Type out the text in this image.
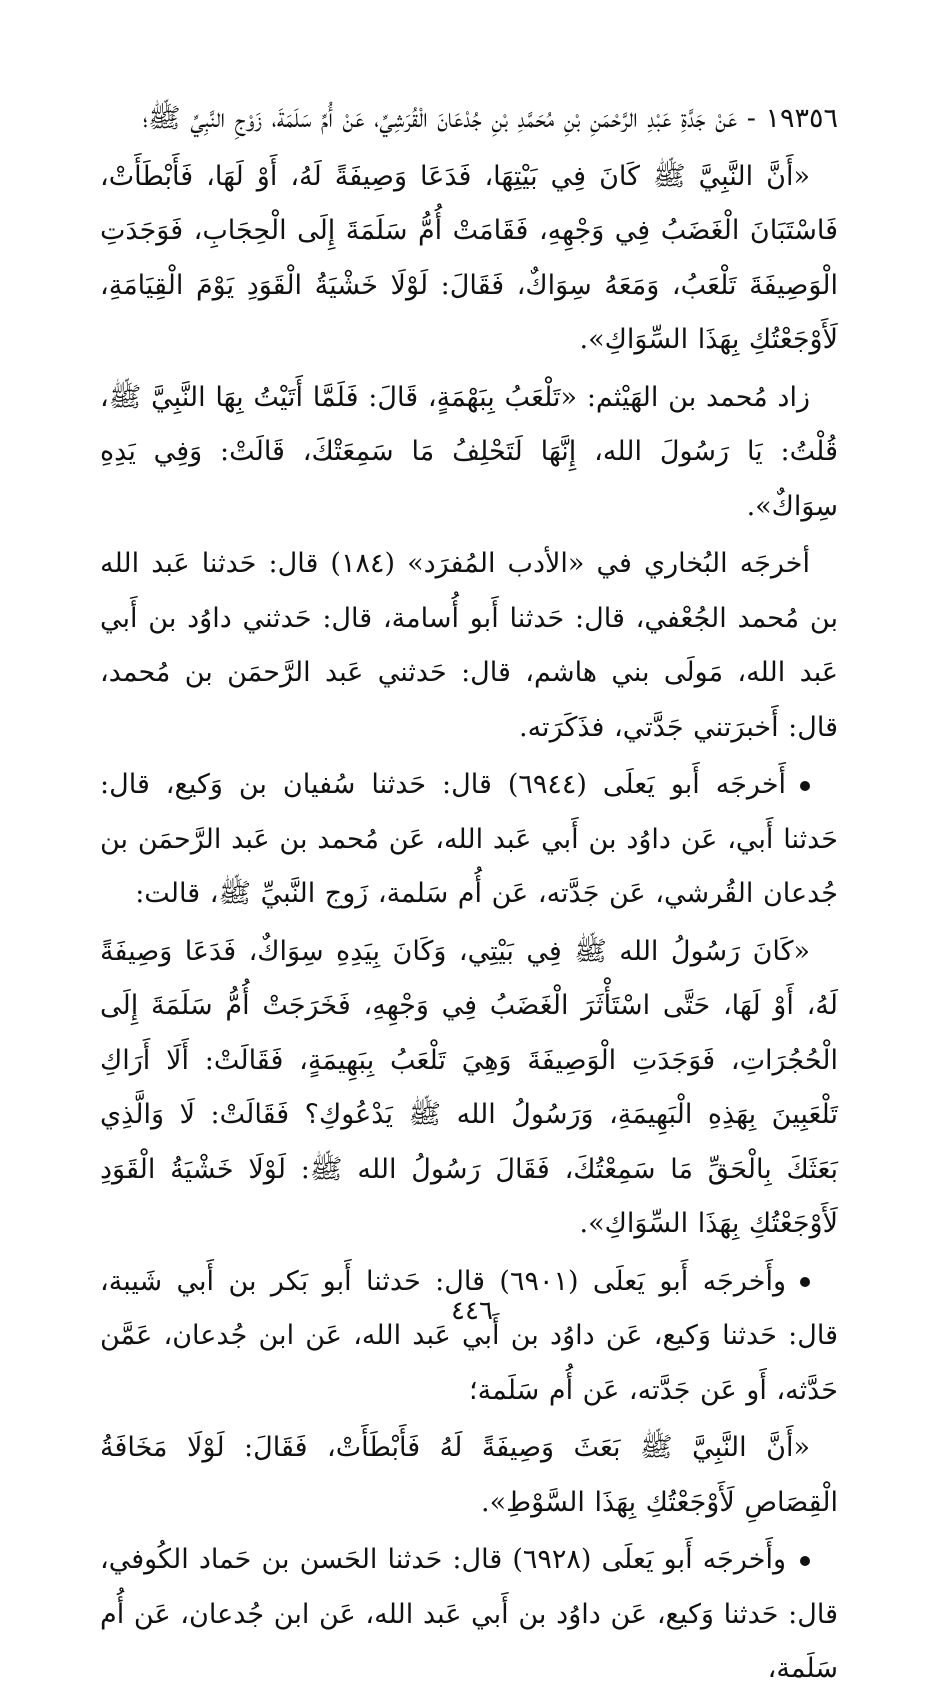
١٩٣٥٦ - عَنْ جَدَّةِ عَبْدِ الرَّحْمَنِ بْنِ مُحَمَّدِ بْنِ جُدْعَانَ الْقُرَشِيِّ، عَنْ أُمِّ سَلَمَةَ، زَوْجِ النَّبِيِّ ﷺ؛

«أَنَّ النَّبِيَّ ﷺ كَانَ فِي بَيْتِهَا، فَدَعَا وَصِيفَةً لَهُ، أَوْ لَهَا، فَأَبْطَأَتْ، فَاسْتَبَانَ الْغَضَبُ فِي وَجْهِهِ، فَقَامَتْ أُمُّ سَلَمَةَ إِلَى الْحِجَابِ، فَوَجَدَتِ الْوَصِيفَةَ تَلْعَبُ، وَمَعَهُ سِوَاكٌ، فَقَالَ: لَوْلَا خَشْيَةُ الْقَوَدِ يَوْمَ الْقِيَامَةِ، لَأَوْجَعْتُكِ بِهَذَا السِّوَاكِ».

زاد مُحمد بن الهَيْثم: «تَلْعَبُ بِبَهْمَةٍ، قَالَ: فَلَمَّا أَتَيْتُ بِهَا النَّبِيَّ ﷺ، قُلْتُ: يَا رَسُولَ الله، إِنَّهَا لَتَحْلِفُ مَا سَمِعَتْكَ، قَالَتْ: وَفِي يَدِهِ سِوَاكٌ».

أخرجَه البُخاري في «الأدب المُفرَد» (١٨٤) قال: حَدثنا عَبد الله بن مُحمد الجُعْفي، قال: حَدثنا أَبو أُسامة، قال: حَدثني داوُد بن أَبي عَبد الله، مَولَى بني هاشم، قال: حَدثني عَبد الرَّحمَن بن مُحمد، قال: أَخبرَتني جَدَّتي، فذَكَرَته.

أَخرجَه أَبو يَعلَى (٦٩٤٤) قال: حَدثنا سُفيان بن وَكيع، قال: حَدثنا أَبي، عَن داوُد بن أَبي عَبد الله، عَن مُحمد بن عَبد الرَّحمَن بن جُدعان القُرشي، عَن جَدَّته، عَن أُم سَلمة، زَوج النَّبيِّ ﷺ، قالت:

«كَانَ رَسُولُ الله ﷺ فِي بَيْتِي، وَكَانَ بِيَدِهِ سِوَاكٌ، فَدَعَا وَصِيفَةً لَهُ، أَوْ لَهَا، حَتَّى اسْتَأْثَرَ الْغَضَبُ فِي وَجْهِهِ، فَخَرَجَتْ أُمُّ سَلَمَةَ إِلَى الْحُجُرَاتِ، فَوَجَدَتِ الْوَصِيفَةَ وَهِيَ تَلْعَبُ بِبَهِيمَةٍ، فَقَالَتْ: أَلَا أَرَاكِ تَلْعَبِينَ بِهَذِهِ الْبَهِيمَةِ، وَرَسُولُ الله ﷺ يَدْعُوكِ؟ فَقَالَتْ: لَا وَالَّذِي بَعَثَكَ بِالْحَقِّ مَا سَمِعْتُكَ، فَقَالَ رَسُولُ الله ﷺ: لَوْلَا خَشْيَةُ الْقَوَدِ لَأَوْجَعْتُكِ بِهَذَا السِّوَاكِ».

وأَخرجَه أَبو يَعلَى (٦٩٠١) قال: حَدثنا أَبو بَكر بن أَبي شَيبة، قال: حَدثنا وَكيع، عَن داوُد بن أَبي عَبد الله، عَن ابن جُدعان، عَمَّن حَدَّثه، أَو عَن جَدَّته، عَن أُم سَلَمة؛

«أَنَّ النَّبِيَّ ﷺ بَعَثَ وَصِيفَةً لَهُ فَأَبْطَأَتْ، فَقَالَ: لَوْلَا مَخَافَةُ الْقِصَاصِ لَأَوْجَعْتُكِ بِهَذَا السَّوْطِ».

وأَخرجَه أَبو يَعلَى (٦٩٢٨) قال: حَدثنا الحَسن بن حَماد الكُوفي، قال: حَدثنا وَكيع، عَن داوُد بن أَبي عَبد الله، عَن ابن جُدعان، عَن أُم سَلَمة،

٤٤٦
